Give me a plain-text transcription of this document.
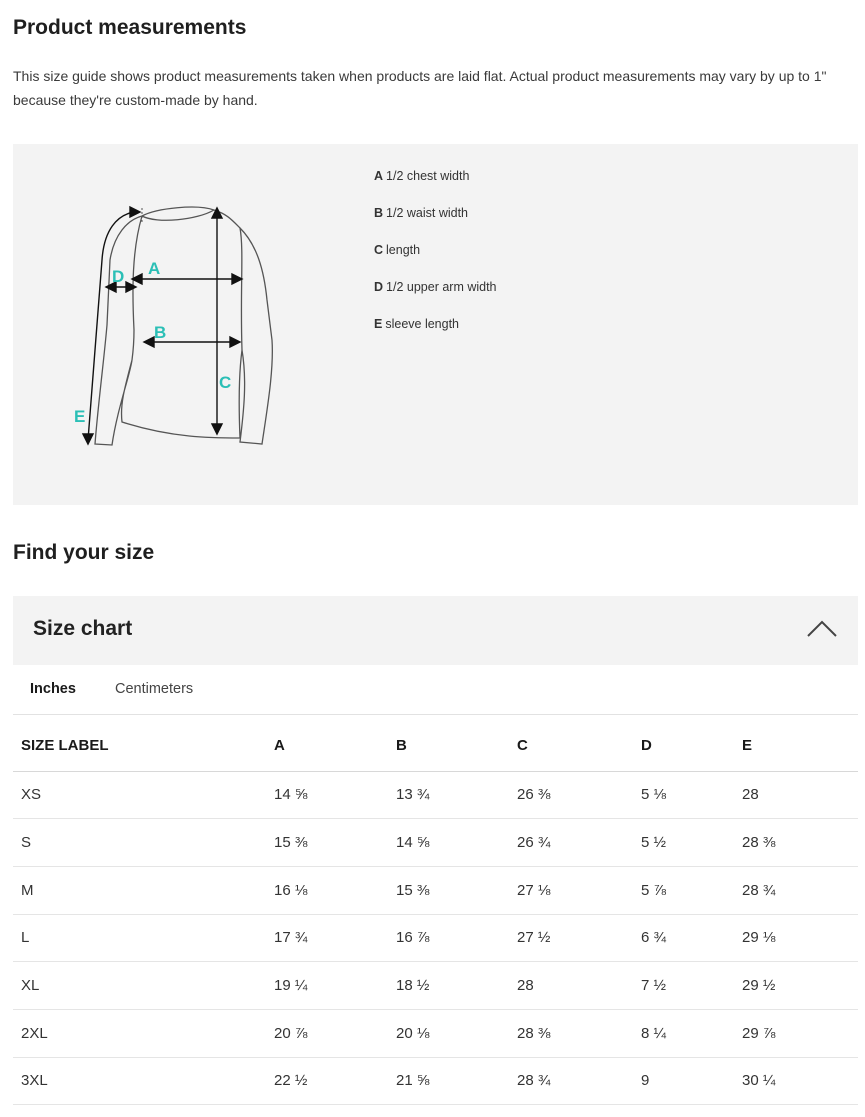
Product measurements

This size guide shows product measurements taken when products are laid flat. Actual product measurements may vary by up to 1" because they're custom-made by hand.

A
B
C
D
E
A 1/2 chest width
B 1/2 waist width
C length
D 1/2 upper arm width
E sleeve length
Find your size
Size chart
Inches	Centimeters
SIZE LABEL	A	B	C	D	E
XS	14 ⅝	13 ¾	26 ⅜	5 ⅛	28
S	15 ⅜	14 ⅝	26 ¾	5 ½	28 ⅜
M	16 ⅛	15 ⅜	27 ⅛	5 ⅞	28 ¾
L	17 ¾	16 ⅞	27 ½	6 ¾	29 ⅛
XL	19 ¼	18 ½	28	7 ½	29 ½
2XL	20 ⅞	20 ⅛	28 ⅜	8 ¼	29 ⅞
3XL	22 ½	21 ⅝	28 ¾	9	30 ¼
